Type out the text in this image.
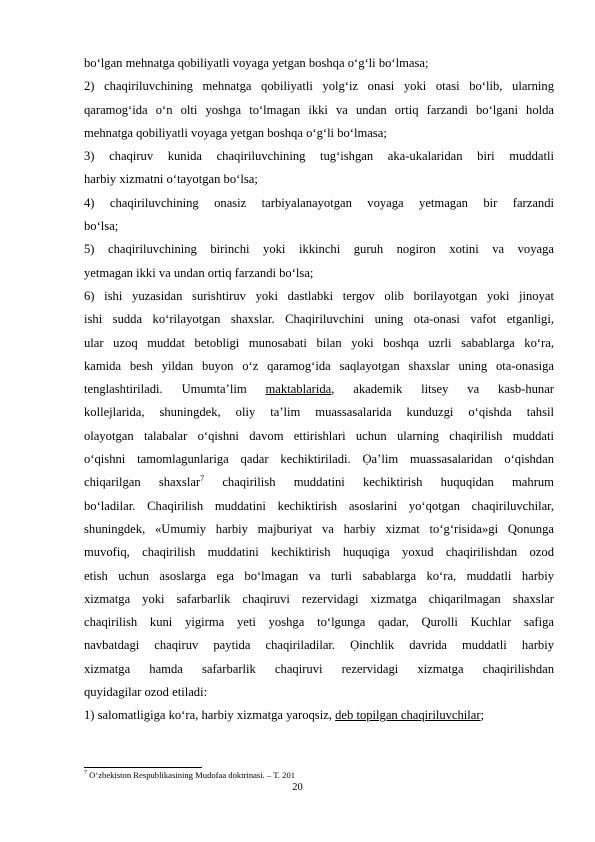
bo‘lgan mehnatga qobiliyatli voyaga yetgan boshqa o‘g‘li bo‘lmasa;

2) chaqiriluvchining mehnatga qobiliyatli yolg‘iz onasi yoki otasi bo‘lib, ularning
qaramog‘ida o‘n olti yoshga to‘lmagan ikki va undan ortiq farzandi bo‘lgani holda
mehnatga qobiliyatli voyaga yetgan boshqa o‘g‘li bo‘lmasa;

3) chaqiruv kunida chaqiriluvchining tug‘ishgan aka-ukalaridan biri muddatli
harbiy xizmatni o‘tayotgan bo‘lsa;

4) chaqiriluvchining onasiz tarbiyalanayotgan voyaga yetmagan bir farzandi
bo‘lsa;

5) chaqiriluvchining birinchi yoki ikkinchi guruh nogiron xotini va voyaga
yetmagan ikki va undan ortiq farzandi bo‘lsa;

6) ishi yuzasidan surishtiruv yoki dastlabki tergov olib borilayotgan yoki jinoyat
ishi sudda ko‘rilayotgan shaxslar. Chaqiriluvchini uning ota-onasi vafot etganligi,
ular uzoq muddat betobligi munosabati bilan yoki boshqa uzrli sabablarga ko‘ra,
kamida besh yildan buyon o‘z qaramog‘ida saqlayotgan shaxslar uning ota-onasiga
tenglashtiriladi. Umumta’lim maktablarida, akademik litsey va kasb-hunar
kollejlarida, shuningdek, oliy ta’lim muassasalarida kunduzgi o‘qishda tahsil
olayotgan talabalar o‘qishni davom ettirishlari uchun ularning chaqirilish muddati
o‘qishni tamomlagunlariga qadar kechiktiriladi. Ọa’lim muassasalaridan o‘qishdan
chiqarilgan shaxslar$^7$ chaqirilish muddatini kechiktirish huquqidan mahrum
bo‘ladilar. Chaqirilish muddatini kechiktirish asoslarini yo‘qotgan chaqiriluvchilar,
shuningdek, «Umumiy harbiy majburiyat va harbiy xizmat to‘g‘risida»gi Qonunga
muvofiq, chaqirilish muddatini kechiktirish huquqiga yoxud chaqirilishdan ozod
etish uchun asoslarga ega bo‘lmagan va turli sabablarga ko‘ra, muddatli harbiy
xizmatga yoki safarbarlik chaqiruvi rezervidagi xizmatga chiqarilmagan shaxslar
chaqirilish kuni yigirma yeti yoshga to‘lgunga qadar, Qurolli Kuchlar safiga
navbatdagi chaqiruv paytida chaqiriladilar. Ọinchlik davrida muddatli harbiy
xizmatga hamda safarbarlik chaqiruvi rezervidagi xizmatga chaqirilishdan
quyidagilar ozod etiladi:

1) salomatligiga ko‘ra, harbiy xizmatga yaroqsiz, deb topilgan chaqiriluvchilar;

$^7$ O‘zbekiston Respublikasining Mudofaa doktrinasi. – T. 201
20
